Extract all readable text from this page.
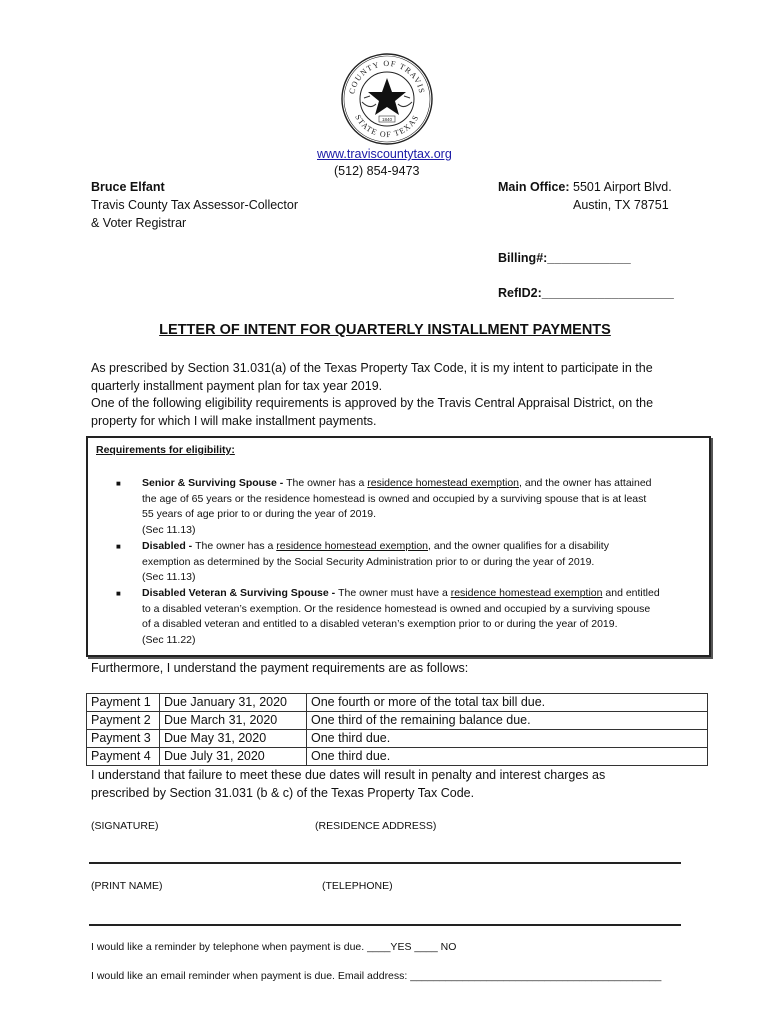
COUNTY OF TRAVIS
STATE OF TEXAS
1840
www.traviscountytax.org
(512) 854-9473
Bruce Elfant
Travis County Tax Assessor-Collector
& Voter Registrar
Main Office: 5501 Airport Blvd.
Austin, TX 78751
Billing#:____________
RefID2:___________________
LETTER OF INTENT FOR QUARTERLY INSTALLMENT PAYMENTS
As prescribed by Section 31.031(a) of the Texas Property Tax Code, it is my intent to participate in the
quarterly installment payment plan for tax year 2019.
One of the following eligibility requirements is approved by the Travis Central Appraisal District, on the
property for which I will make installment payments.
Requirements for eligibility:
■ Senior & Surviving Spouse - The owner has a residence homestead exemption, and the owner has attained
the age of 65 years or the residence homestead is owned and occupied by a surviving spouse that is at least
55 years of age prior to or during the year of 2019.
(Sec 11.13)
■ Disabled - The owner has a residence homestead exemption, and the owner qualifies for a disability
exemption as determined by the Social Security Administration prior to or during the year of 2019.
(Sec 11.13)
■ Disabled Veteran & Surviving Spouse - The owner must have a residence homestead exemption and entitled
to a disabled veteran’s exemption. Or the residence homestead is owned and occupied by a surviving spouse
of a disabled veteran and entitled to a disabled veteran’s exemption prior to or during the year of 2019.
(Sec 11.22)
Furthermore, I understand the payment requirements are as follows:
Payment 1	Due January 31, 2020	One fourth or more of the total tax bill due.
Payment 2	Due March 31, 2020	One third of the remaining balance due.
Payment 3	Due May 31, 2020	One third due.
Payment 4	Due July 31, 2020	One third due.
I understand that failure to meet these due dates will result in penalty and interest charges as
prescribed by Section 31.031 (b & c) of the Texas Property Tax Code.
(SIGNATURE)	(RESIDENCE ADDRESS)
(PRINT NAME)	(TELEPHONE)
I would like a reminder by telephone when payment is due. ____YES ____ NO
I would like an email reminder when payment is due. Email address: ___________________________________________
